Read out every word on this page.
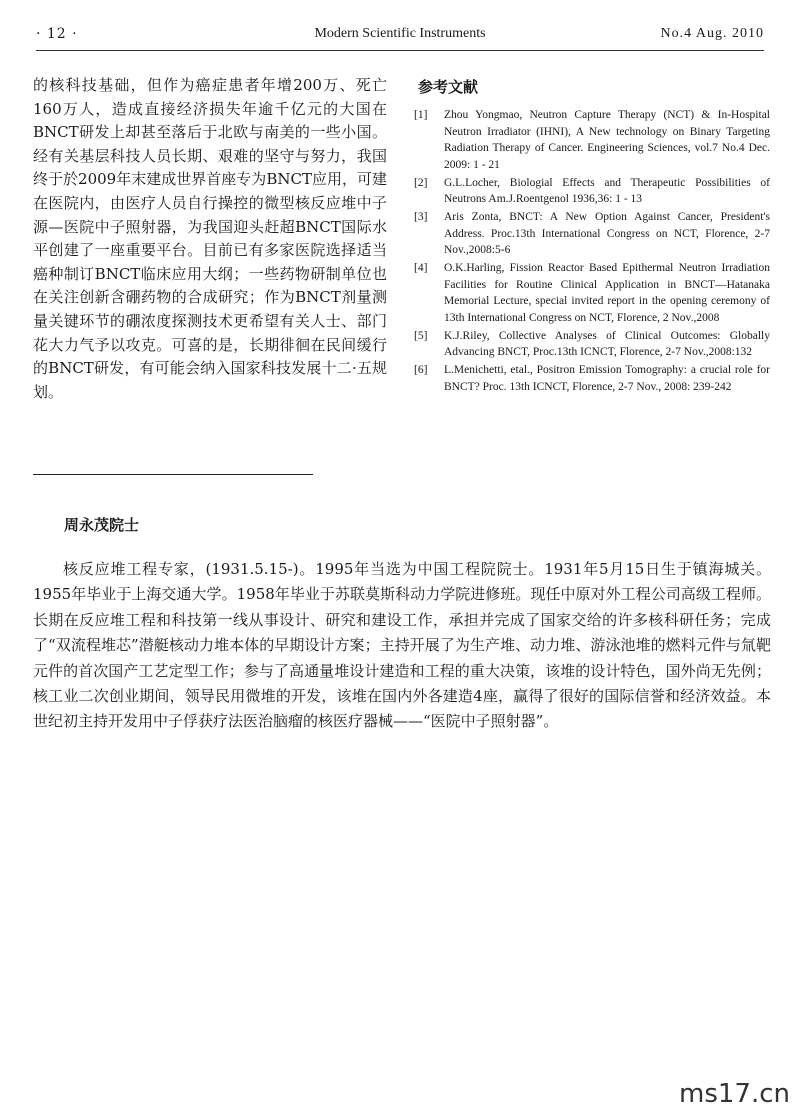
· 12 ·	Modern Scientific Instruments	No.4 Aug. 2010
的核科技基础，但作为癌症患者年增200万、死亡160万人，造成直接经济损失年逾千亿元的大国在BNCT研发上却甚至落后于北欧与南美的一些小国。经有关基层科技人员长期、艰难的坚守与努力，我国终于於2009年末建成世界首座专为BNCT应用，可建在医院内，由医疗人员自行操控的微型核反应堆中子源—医院中子照射器，为我国迎头赶超BNCT国际水平创建了一座重要平台。目前已有多家医院选择适当癌种制订BNCT临床应用大纲；一些药物研制单位也在关注创新含硼药物的合成研究；作为BNCT剂量测量关键环节的硼浓度探测技术更希望有关人士、部门花大力气予以攻克。可喜的是，长期徘徊在民间缓行的BNCT研发，有可能会纳入国家科技发展十二·五规划。
参考文献
[1] Zhou Yongmao, Neutron Capture Therapy (NCT) & In-Hospital Neutron Irradiator (IHNI), A New technology on Binary Targeting Radiation Therapy of Cancer. Engineering Sciences, vol.7 No.4 Dec. 2009: 1 - 21
[2] G.L.Locher, Biologial Effects and Therapeutic Possibilities of Neutrons Am.J.Roentgenol 1936,36: 1 - 13
[3] Aris Zonta, BNCT: A New Option Against Cancer, President's Address. Proc.13th International Congress on NCT, Florence, 2-7 Nov.,2008:5-6
[4] O.K.Harling, Fission Reactor Based Epithermal Neutron Irradiation Facilities for Routine Clinical Application in BNCT—Hatanaka Memorial Lecture, special invited report in the opening ceremony of 13th International Congress on NCT, Florence, 2 Nov.,2008
[5] K.J.Riley, Collective Analyses of Clinical Outcomes: Globally Advancing BNCT, Proc.13th ICNCT, Florence, 2-7 Nov.,2008:132
[6] L.Menichetti, etal., Positron Emission Tomography: a crucial role for BNCT? Proc. 13th ICNCT, Florence, 2-7 Nov., 2008: 239-242
周永茂院士
核反应堆工程专家，(1931.5.15-)。1995年当选为中国工程院院士。1931年5月15日生于镇海城关。1955年毕业于上海交通大学。1958年毕业于苏联莫斯科动力学院进修班。现任中原对外工程公司高级工程师。长期在反应堆工程和科技第一线从事设计、研究和建设工作，承担并完成了国家交给的许多核科研任务；完成了“双流程堆芯”潜艇核动力堆本体的早期设计方案；主持开展了为生产堆、动力堆、游泳池堆的燃料元件与氚靶元件的首次国产工艺定型工作；参与了高通量堆设计建造和工程的重大决策，该堆的设计特色，国外尚无先例；核工业二次创业期间，领导民用微堆的开发，该堆在国内外各建造4座，赢得了很好的国际信誉和经济效益。本世纪初主持开发用中子俘获疗法医治脑瘤的核医疗器械——“医院中子照射器”。
ms17.cn
